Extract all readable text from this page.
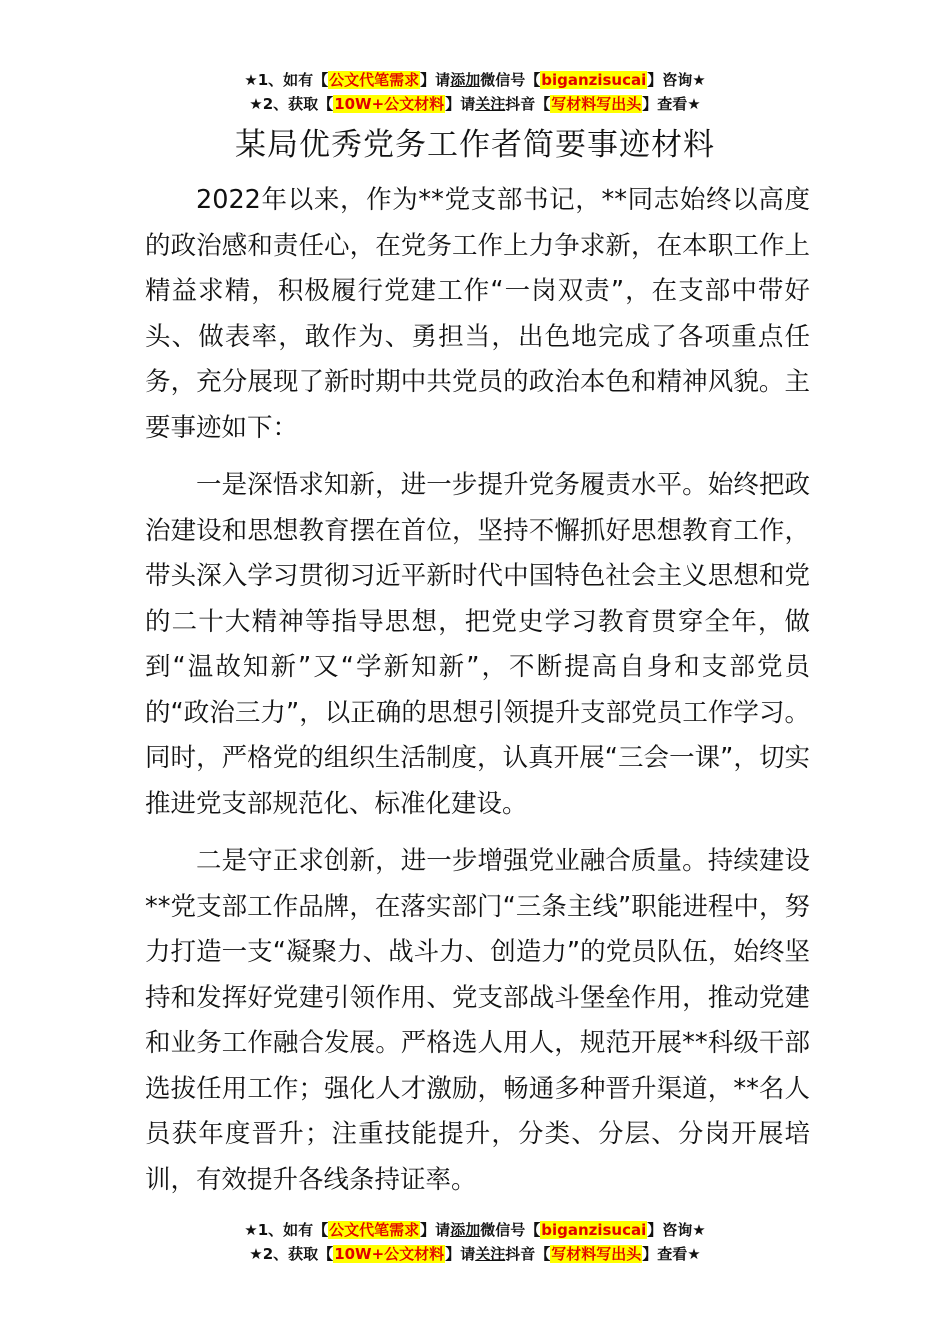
★1、如有【公文代笔需求】请添加微信号【biganzisucai】咨询★
★2、获取【10W+公文材料】请关注抖音【写材料写出头】查看★
某局优秀党务工作者简要事迹材料

2022年以来，作为**党支部书记，**同志始终以高度的政治感和责任心，在党务工作上力争求新，在本职工作上精益求精，积极履行党建工作“一岗双责”，在支部中带好头、做表率，敢作为、勇担当，出色地完成了各项重点任务，充分展现了新时期中共党员的政治本色和精神风貌。主要事迹如下：

一是深悟求知新，进一步提升党务履责水平。始终把政治建设和思想教育摆在首位，坚持不懈抓好思想教育工作，带头深入学习贯彻习近平新时代中国特色社会主义思想和党的二十大精神等指导思想，把党史学习教育贯穿全年，做到“温故知新”又“学新知新”，不断提高自身和支部党员的“政治三力”，以正确的思想引领提升支部党员工作学习。同时，严格党的组织生活制度，认真开展“三会一课”，切实推进党支部规范化、标准化建设。

二是守正求创新，进一步增强党业融合质量。持续建设**党支部工作品牌，在落实部门“三条主线”职能进程中，努力打造一支“凝聚力、战斗力、创造力”的党员队伍，始终坚持和发挥好党建引领作用、党支部战斗堡垒作用，推动党建和业务工作融合发展。严格选人用人，规范开展**科级干部选拔任用工作；强化人才激励，畅通多种晋升渠道，**名人员获年度晋升；注重技能提升，分类、分层、分岗开展培训，有效提升各线条持证率。

★1、如有【公文代笔需求】请添加微信号【biganzisucai】咨询★
★2、获取【10W+公文材料】请关注抖音【写材料写出头】查看★
